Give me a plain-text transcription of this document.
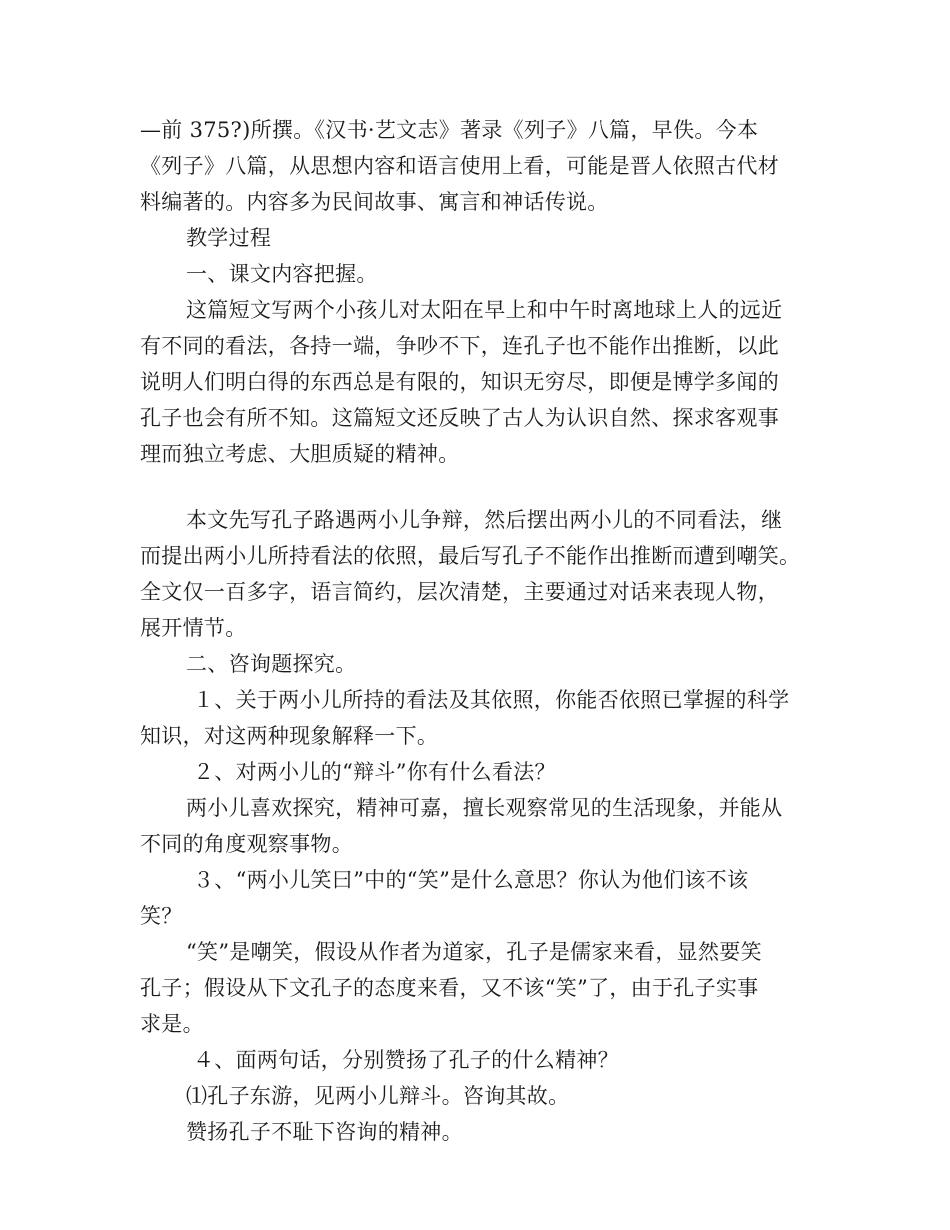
—前 375?)所撰。《汉书·艺文志》著录《列子》八篇，早佚。今本
《列子》八篇，从思想内容和语言使用上看，可能是晋人依照古代材
料编著的。内容多为民间故事、寓言和神话传说。
教学过程
一、课文内容把握。
这篇短文写两个小孩儿对太阳在早上和中午时离地球上人的远近
有不同的看法，各持一端，争吵不下，连孔子也不能作出推断，以此
说明人们明白得的东西总是有限的，知识无穷尽，即便是博学多闻的
孔子也会有所不知。这篇短文还反映了古人为认识自然、探求客观事
理而独立考虑、大胆质疑的精神。
本文先写孔子路遇两小儿争辩，然后摆出两小儿的不同看法，继
而提出两小儿所持看法的依照，最后写孔子不能作出推断而遭到嘲笑。
全文仅一百多字，语言简约，层次清楚，主要通过对话来表现人物，
展开情节。
二、咨询题探究。
１、关于两小儿所持的看法及其依照，你能否依照已掌握的科学
知识，对这两种现象解释一下。
２、对两小儿的“辩斗”你有什么看法？
两小儿喜欢探究，精神可嘉，擅长观察常见的生活现象，并能从
不同的角度观察事物。
３、“两小儿笑曰”中的“笑”是什么意思？你认为他们该不该
笑？
“笑”是嘲笑，假设从作者为道家，孔子是儒家来看，显然要笑
孔子；假设从下文孔子的态度来看，又不该“笑”了，由于孔子实事
求是。
４、面两句话，分别赞扬了孔子的什么精神？
⑴孔子东游，见两小儿辩斗。咨询其故。
赞扬孔子不耻下咨询的精神。
